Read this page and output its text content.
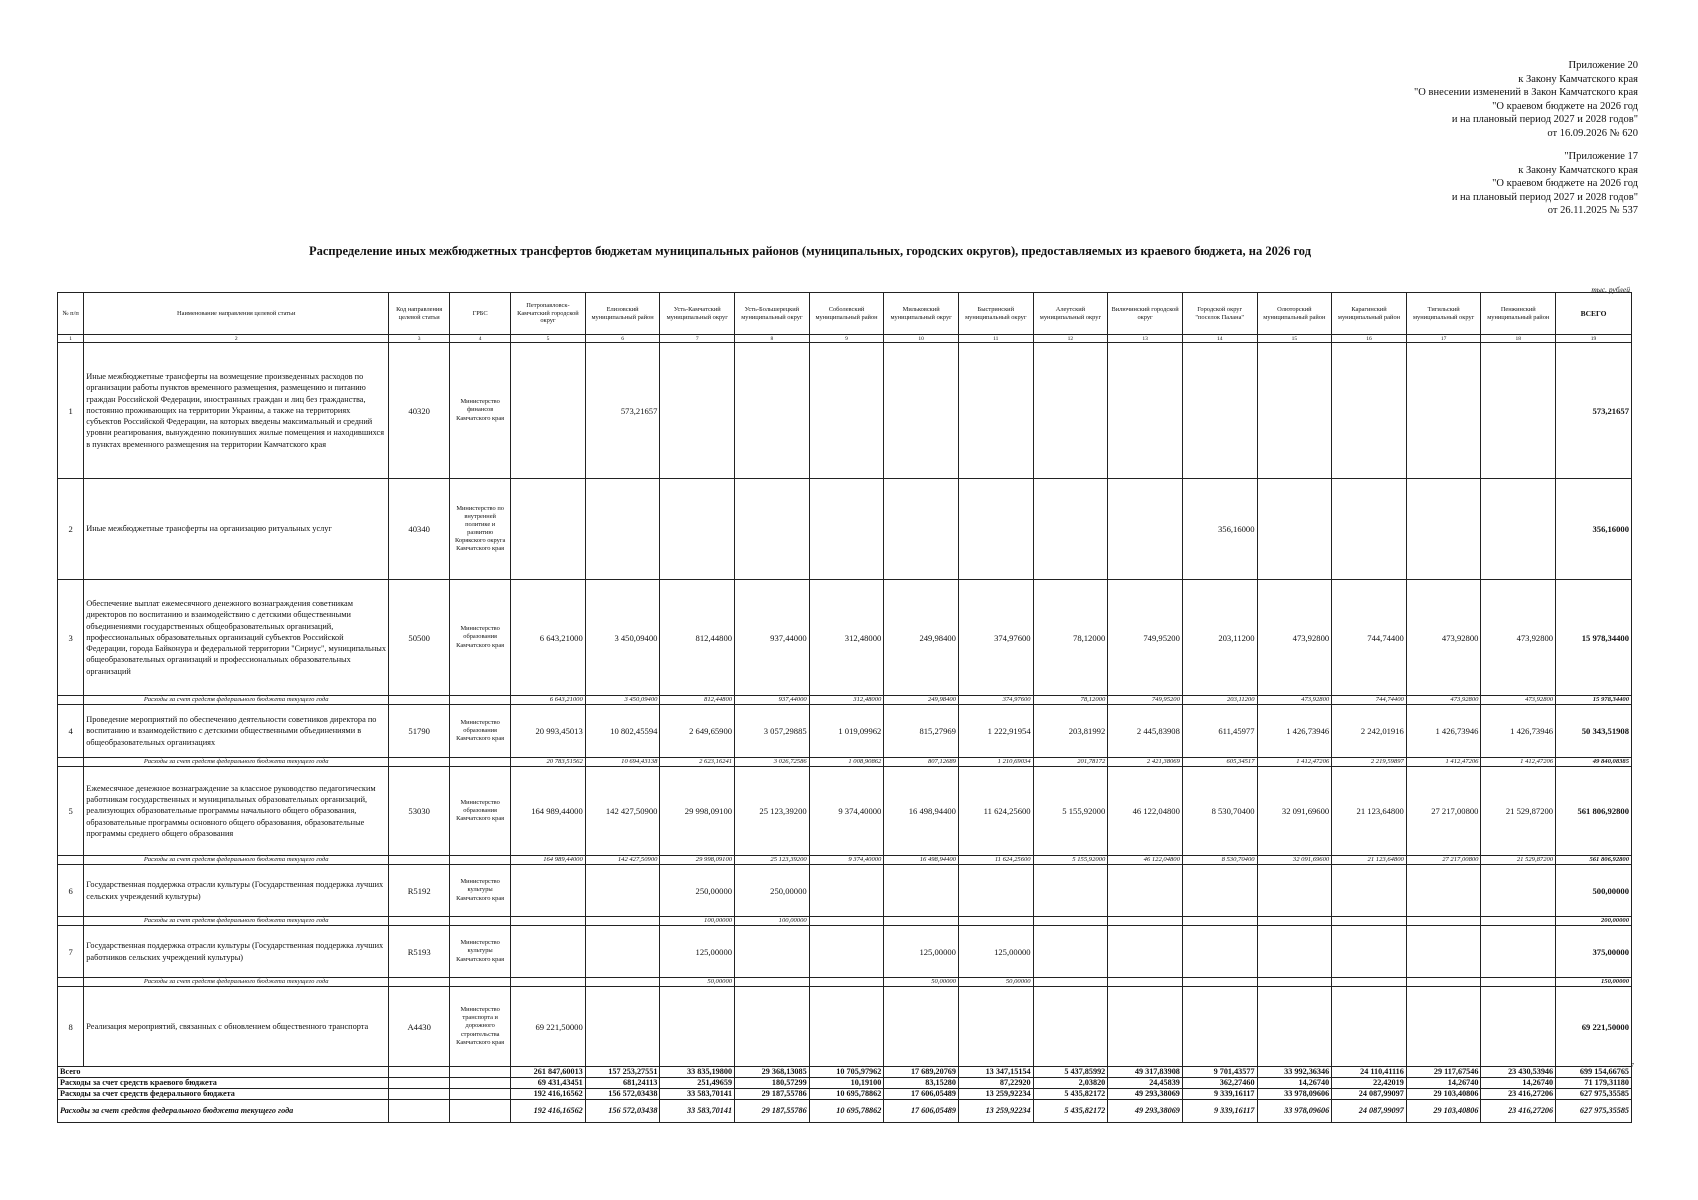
Приложение 20
к Закону Камчатского края
"О внесении изменений в Закон Камчатского края
"О краевом бюджете на 2026 год
и на плановый период 2027 и 2028 годов"
от 16.09.2026 № 620
"Приложение 17
к Закону Камчатского края
"О краевом бюджете на 2026 год
и на плановый период 2027 и 2028 годов"
от 26.11.2025 № 537
Распределение иных межбюджетных трансфертов бюджетам муниципальных районов (муниципальных, городских округов), предоставляемых из краевого бюджета, на 2026 год
тыс. рублей
№ п/п	Наименование направления целевой статьи	Код направления целевой статьи	ГРБС	Петропавловск-Камчатский городской округ	Елизовский муниципальный район	Усть-Камчатский муниципальный округ	Усть-Большерецкий муниципальный округ	Соболевский муниципальный район	Мильковский муниципальный округ	Быстринский муниципальный округ	Алеутский муниципальный округ	Вилючинский городской округ	Городской округ "поселок Палана"	Олюторский муниципальный район	Карагинский муниципальный район	Тигильский муниципальный округ	Пенжинский муниципальный район	ВСЕГО
1	2	3	4	5	6	7	8	9	10	11	12	13	14	15	16	17	18	19
1	Иные межбюджетные трансферты на возмещение произведенных расходов по организации работы пунктов временного размещения, размещению и питанию граждан Российской Федерации, иностранных граждан и лиц без гражданства, постоянно проживающих на территории Украины, а также на территориях субъектов Российской Федерации, на которых введены максимальный и средний уровни реагирования, вынужденно покинувших жилые помещения и находившихся в пунктах временного размещения на территории Камчатского края	40320	Министерство финансов Камчатского края		573,21657													573,21657
2	Иные межбюджетные трансферты на организацию ритуальных услуг	40340	Министерство по внутренней политике и развитию Корякского округа Камчатского края										356,16000					356,16000
3	Обеспечение выплат ежемесячного денежного вознаграждения советникам директоров по воспитанию и взаимодействию с детскими общественными объединениями государственных общеобразовательных организаций, профессиональных образовательных организаций субъектов Российской Федерации, города Байконура и федеральной территории "Сириус", муниципальных общеобразовательных организаций и профессиональных образовательных организаций	50500	Министерство образования Камчатского края	6 643,21000	3 450,09400	812,44800	937,44000	312,48000	249,98400	374,97600	78,12000	749,95200	203,11200	473,92800	744,74400	473,92800	473,92800	15 978,34400
	Расходы за счет средств федерального бюджета текущего года			6 643,21000	3 450,09400	812,44800	937,44000	312,48000	249,98400	374,97600	78,12000	749,95200	203,11200	473,92800	744,74400	473,92800	473,92800	15 978,34400
4	Проведение мероприятий по обеспечению деятельности советников директора по воспитанию и взаимодействию с детскими общественными объединениями в общеобразовательных организациях	51790	Министерство образования Камчатского края	20 993,45013	10 802,45594	2 649,65900	3 057,29885	1 019,09962	815,27969	1 222,91954	203,81992	2 445,83908	611,45977	1 426,73946	2 242,01916	1 426,73946	1 426,73946	50 343,51908
	Расходы за счет средств федерального бюджета текущего года			20 783,51562	10 694,43138	2 623,16241	3 026,72586	1 008,90862	807,12689	1 210,69034	201,78172	2 421,38069	605,34517	1 412,47206	2 219,59897	1 412,47206	1 412,47206	49 840,08385
5	Ежемесячное денежное вознаграждение за классное руководство педагогическим работникам государственных и муниципальных образовательных организаций, реализующих образовательные программы начального общего образования, образовательные программы основного общего образования, образовательные программы среднего общего образования	53030	Министерство образования Камчатского края	164 989,44000	142 427,50900	29 998,09100	25 123,39200	9 374,40000	16 498,94400	11 624,25600	5 155,92000	46 122,04800	8 530,70400	32 091,69600	21 123,64800	27 217,00800	21 529,87200	561 806,92800
	Расходы за счет средств федерального бюджета текущего года			164 989,44000	142 427,50900	29 998,09100	25 123,39200	9 374,40000	16 498,94400	11 624,25600	5 155,92000	46 122,04800	8 530,70400	32 091,69600	21 123,64800	27 217,00800	21 529,87200	561 806,92800
6	Государственная поддержка отрасли культуры (Государственная поддержка лучших сельских учреждений культуры)	R5192	Министерство культуры Камчатского края			250,00000	250,00000											500,00000
	Расходы за счет средств федерального бюджета текущего года					100,00000	100,00000											200,00000
7	Государственная поддержка отрасли культуры (Государственная поддержка лучших работников сельских учреждений культуры)	R5193	Министерство культуры Камчатского края			125,00000			125,00000	125,00000								375,00000
	Расходы за счет средств федерального бюджета текущего года					50,00000			50,00000	50,00000								150,00000
8	Реализация мероприятий, связанных с обновлением общественного транспорта	A4430	Министерство транспорта и дорожного строительства Камчатского края	69 221,50000														69 221,50000
Всего				261 847,60013	157 253,27551	33 835,19800	29 368,13085	10 705,97962	17 689,20769	13 347,15154	5 437,85992	49 317,83908	9 701,43577	33 992,36346	24 110,41116	29 117,67546	23 430,53946	699 154,66765
Расходы за счет средств краевого бюджета				69 431,43451	681,24113	251,49659	180,57299	10,19100	83,15280	87,22920	2,03820	24,45839	362,27460	14,26740	22,42019	14,26740	14,26740	71 179,31180
Расходы за счет средств федерального бюджета				192 416,16562	156 572,03438	33 583,70141	29 187,55786	10 695,78862	17 606,05489	13 259,92234	5 435,82172	49 293,38069	9 339,16117	33 978,09606	24 087,99097	29 103,40806	23 416,27206	627 975,35585
Расходы за счет средств федерального бюджета текущего года				192 416,16562	156 572,03438	33 583,70141	29 187,55786	10 695,78862	17 606,05489	13 259,92234	5 435,82172	49 293,38069	9 339,16117	33 978,09606	24 087,99097	29 103,40806	23 416,27206	627 975,35585
7
